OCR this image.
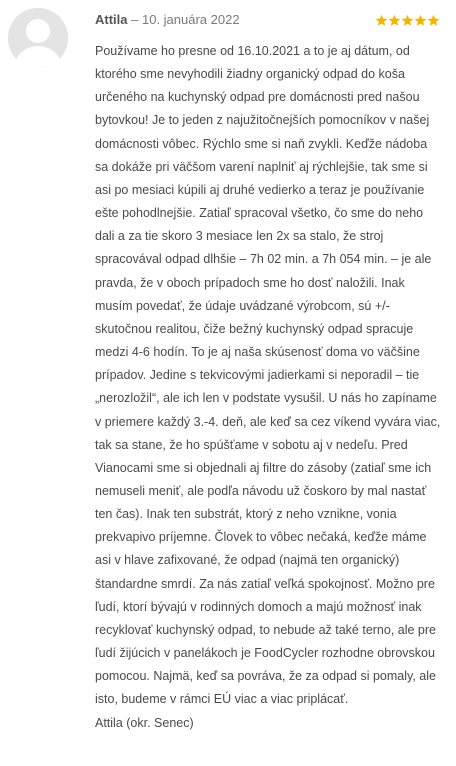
Attila – 10. januára 2022

Používame ho presne od 16.10.2021 a to je aj dátum, od ktorého sme nevyhodili žiadny organický odpad do koša určeného na kuchynský odpad pre domácnosti pred našou bytovkou! Je to jeden z najužitočnejších pomocníkov v našej domácnosti vôbec. Rýchlo sme si naň zvykli. Keďže nádoba sa dokáže pri väčšom varení naplniť aj rýchlejšie, tak sme si asi po mesiaci kúpili aj druhé vedierko a teraz je používanie ešte pohodlnejšie. Zatiaľ spracoval všetko, čo sme do neho dali a za tie skoro 3 mesiace len 2x sa stalo, že stroj spracovával odpad dlhšie – 7h 02 min. a 7h 054 min. – je ale pravda, že v oboch prípadoch sme ho dosť naložili. Inak musím povedať, že údaje uvádzané výrobcom, sú +/- skutočnou realitou, čiže bežný kuchynský odpad spracuje medzi 4-6 hodín. To je aj naša skúsenosť doma vo väčšine prípadov. Jedine s tekvicovými jadierkami si neporadil – tie „nerozložil“, ale ich len v podstate vysušil. U nás ho zapíname v priemere každý 3.-4. deň, ale keď sa cez víkend vyvára viac, tak sa stane, že ho spúšťame v sobotu aj v nedeľu. Pred Vianocami sme si objednali aj filtre do zásoby (zatiaľ sme ich nemuseli meniť, ale podľa návodu už čoskoro by mal nastať ten čas). Inak ten substrát, ktorý z neho vznikne, vonia prekvapivo príjemne. Človek to vôbec nečaká, keďže máme asi v hlave zafixované, že odpad (najmä ten organický) štandardne smrdí. Za nás zatiaľ veľká spokojnosť. Možno pre ľudí, ktorí bývajú v rodinných domoch a majú možnosť inak recyklovať kuchynský odpad, to nebude až také terno, ale pre ľudí žijúcich v panelákoch je FoodCycler rozhodne obrovskou pomocou. Najmä, keď sa povráva, že za odpad si pomaly, ale isto, budeme v rámci EÚ viac a viac priplácať.

Attila (okr. Senec)
